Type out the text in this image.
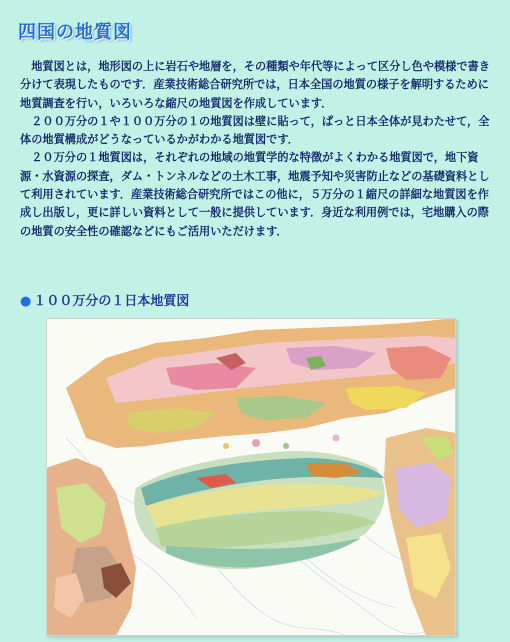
四国の地質図

地質図とは，地形図の上に岩石や地層を，その種類や年代等によって区分し色や模様で書き分けて表現したものです．産業技術総合研究所では，日本全国の地質の様子を解明するために地質調査を行い，いろいろな縮尺の地質図を作成しています．

２００万分の１や１００万分の１の地質図は壁に貼って，ぱっと日本全体が見わたせて，全体の地質構成がどうなっているかがわかる地質図です．

２０万分の１地質図は，それぞれの地域の地質学的な特徴がよくわかる地質図で，地下資源・水資源の探査，ダム・トンネルなどの土木工事，地震予知や災害防止などの基礎資料として利用されています．産業技術総合研究所ではこの他に，５万分の１縮尺の詳細な地質図を作成し出版し，更に詳しい資料として一般に提供しています．身近な利用例では，宅地購入の際の地質の安全性の確認などにもご活用いただけます．

● １００万分の１日本地質図
